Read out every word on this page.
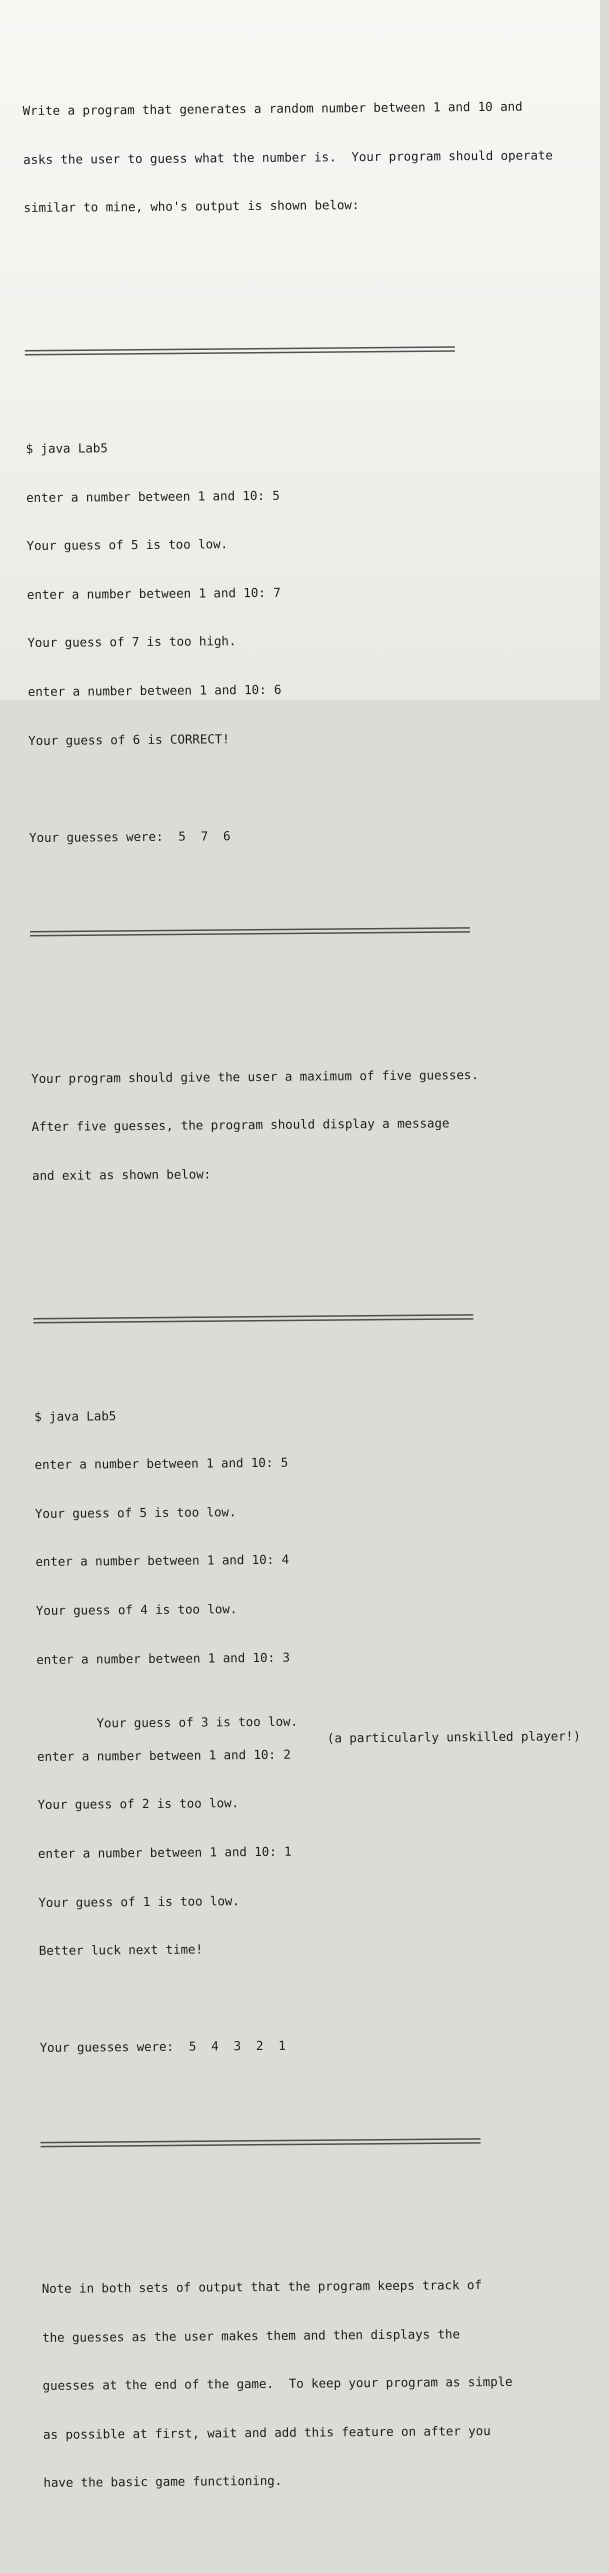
Write a program that generates a random number between 1 and 10 and

asks the user to guess what the number is.  Your program should operate

similar to mine, who's output is shown below:

$ java Lab5

enter a number between 1 and 10: 5

Your guess of 5 is too low.

enter a number between 1 and 10: 7

Your guess of 7 is too high.

enter a number between 1 and 10: 6

Your guess of 6 is CORRECT!

Your guesses were:  5  7  6

Your program should give the user a maximum of five guesses.

After five guesses, the program should display a message

and exit as shown below:

$ java Lab5

enter a number between 1 and 10: 5

Your guess of 5 is too low.

enter a number between 1 and 10: 4

Your guess of 4 is too low.

enter a number between 1 and 10: 3

Your guess of 3 is too low.

(a particularly unskilled player!)

enter a number between 1 and 10: 2

Your guess of 2 is too low.

enter a number between 1 and 10: 1

Your guess of 1 is too low.

Better luck next time!

Your guesses were:  5  4  3  2  1

Note in both sets of output that the program keeps track of

the guesses as the user makes them and then displays the

guesses at the end of the game.  To keep your program as simple

as possible at first, wait and add this feature on after you

have the basic game functioning.
